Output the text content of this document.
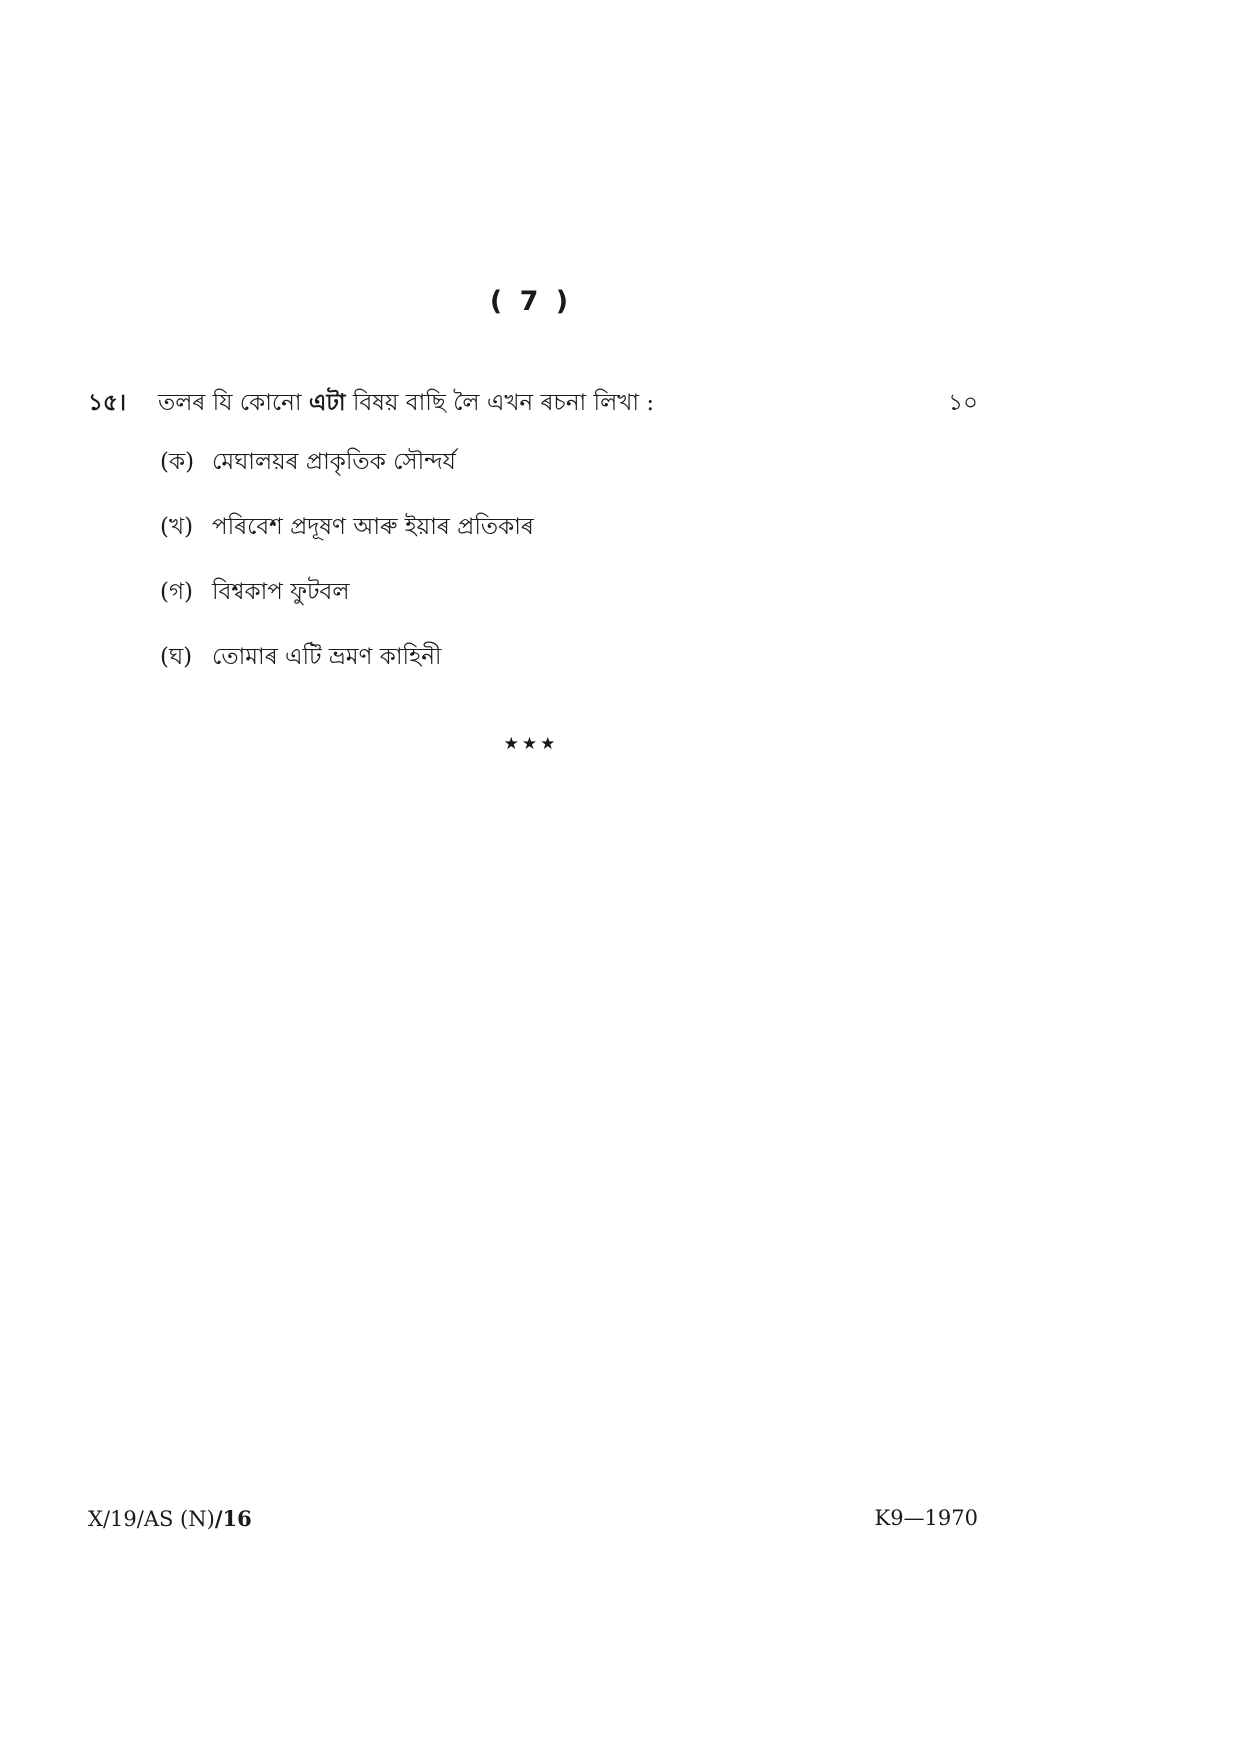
( 7 )
১৫। তলৰ যি কোনো এটা বিষয় বাছি লৈ এখন ৰচনা লিখা :	১০
(ক) মেঘালয়ৰ প্ৰাকৃতিক সৌন্দৰ্য
(খ) পৰিবেশ প্ৰদূষণ আৰু ইয়াৰ প্ৰতিকাৰ
(গ) বিশ্বকাপ ফুটবল
(ঘ) তোমাৰ এটি ভ্ৰমণ কাহিনী
★★★
X/19/AS (N)/16	K9—1970
